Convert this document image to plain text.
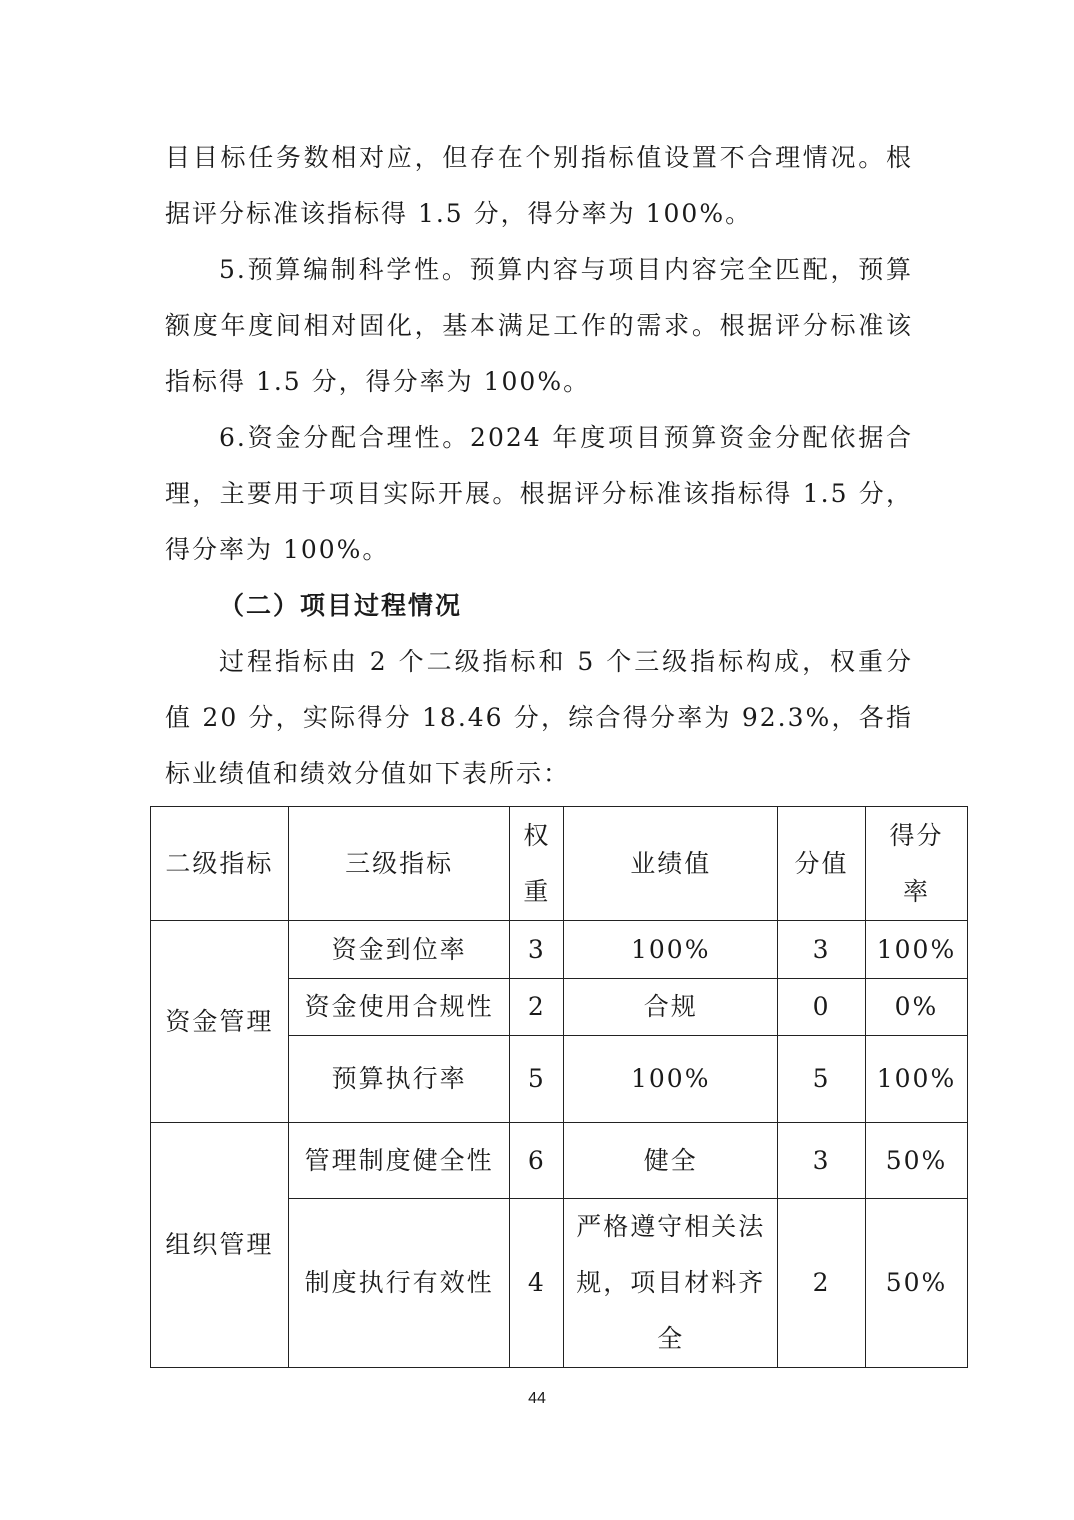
目目标任务数相对应，但存在个别指标值设置不合理情况。根据评分标准该指标得 1.5 分，得分率为 100%。

5.预算编制科学性。预算内容与项目内容完全匹配，预算额度年度间相对固化，基本满足工作的需求。根据评分标准该指标得 1.5 分，得分率为 100%。

6.资金分配合理性。2024 年度项目预算资金分配依据合理，主要用于项目实际开展。根据评分标准该指标得 1.5 分，得分率为 100%。

（二）项目过程情况

过程指标由 2 个二级指标和 5 个三级指标构成，权重分值 20 分，实际得分 18.46 分，综合得分率为 92.3%，各指标业绩值和绩效分值如下表所示：

二级指标	三级指标	权重	业绩值	分值	得分率
资金管理	资金到位率	3	100%	3	100%
	资金使用合规性	2	合规	0	0%
	预算执行率	5	100%	5	100%
组织管理	管理制度健全性	6	健全	3	50%
	制度执行有效性	4	严格遵守相关法规，项目材料齐全	2	50%
44
